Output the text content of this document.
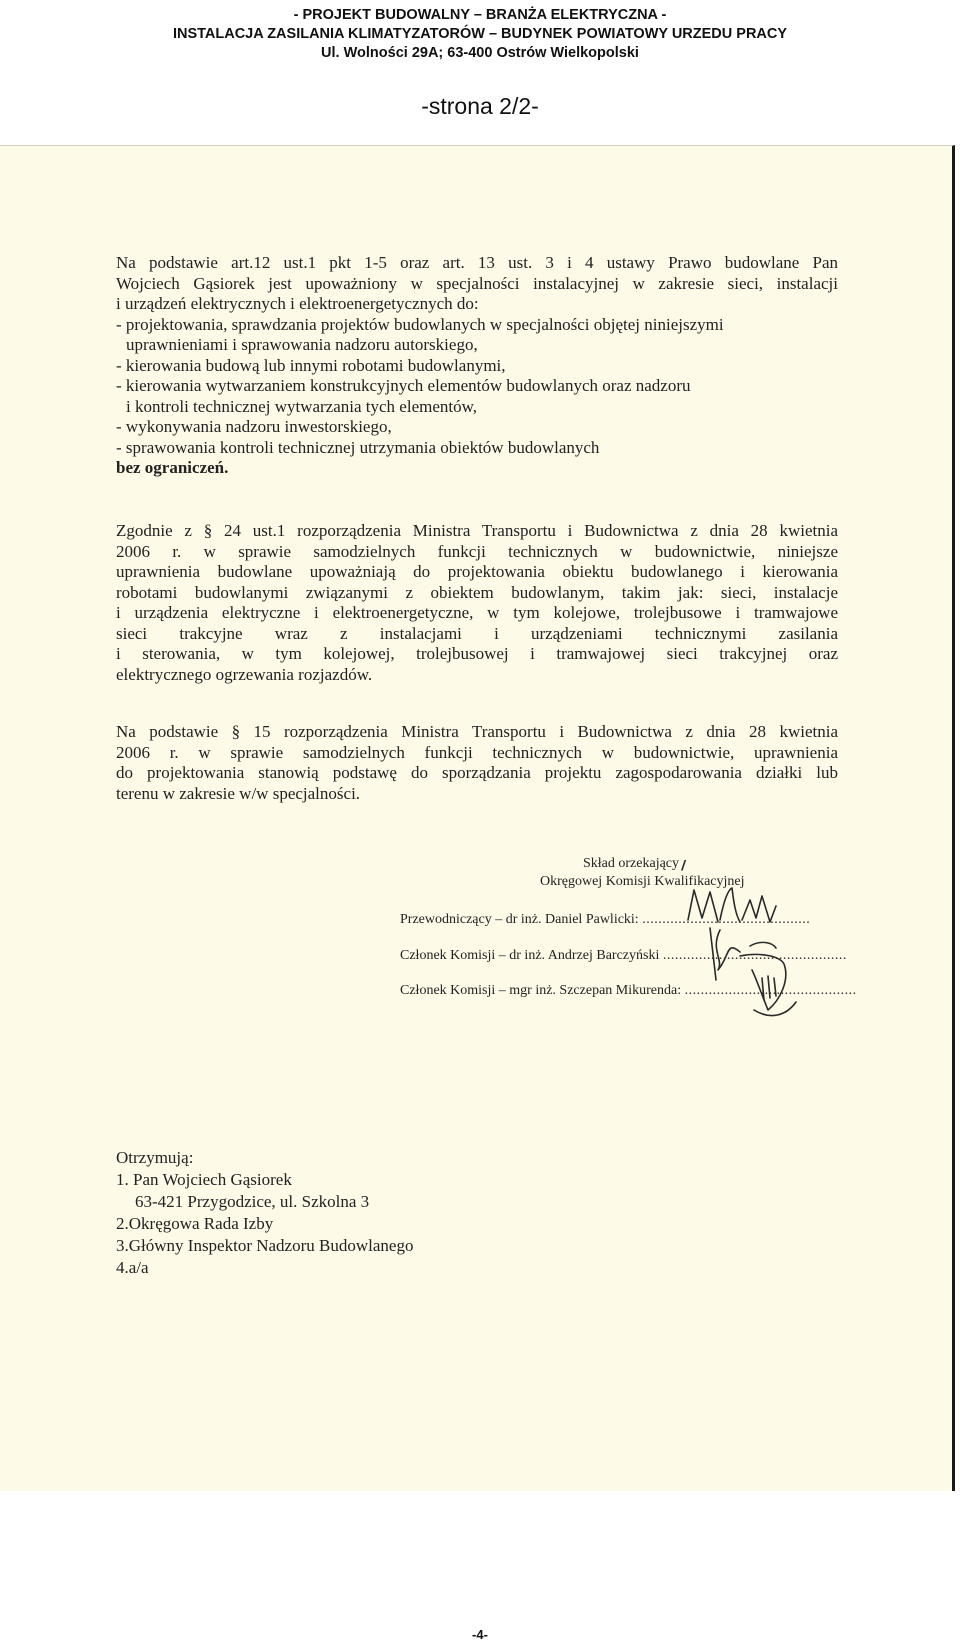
- PROJEKT BUDOWALNY – BRANŻA ELEKTRYCZNA -
INSTALACJA ZASILANIA KLIMATYZATORÓW – BUDYNEK POWIATOWY URZEDU PRACY
Ul. Wolności 29A; 63-400 Ostrów Wielkopolski
-strona 2/2-
Na podstawie art.12 ust.1 pkt 1-5 oraz art. 13 ust. 3 i 4 ustawy Prawo budowlane Pan
Wojciech Gąsiorek jest upoważniony w specjalności instalacyjnej w zakresie sieci, instalacji
i urządzeń elektrycznych i elektroenergetycznych do:
- projektowania, sprawdzania projektów budowlanych w specjalności objętej niniejszymi
uprawnieniami i sprawowania nadzoru autorskiego,
- kierowania budową lub innymi robotami budowlanymi,
- kierowania wytwarzaniem konstrukcyjnych elementów budowlanych oraz nadzoru
i kontroli technicznej wytwarzania tych elementów,
- wykonywania nadzoru inwestorskiego,
- sprawowania kontroli technicznej utrzymania obiektów budowlanych
bez ograniczeń.
Zgodnie z § 24 ust.1 rozporządzenia Ministra Transportu i Budownictwa z dnia 28 kwietnia
2006 r. w sprawie samodzielnych funkcji technicznych w budownictwie, niniejsze
uprawnienia budowlane upoważniają do projektowania obiektu budowlanego i kierowania
robotami budowlanymi związanymi z obiektem budowlanym, takim jak: sieci, instalacje
i urządzenia elektryczne i elektroenergetyczne, w tym kolejowe, trolejbusowe i tramwajowe
sieci trakcyjne wraz z instalacjami i urządzeniami technicznymi zasilania
i sterowania, w tym kolejowej, trolejbusowej i tramwajowej sieci trakcyjnej oraz
elektrycznego ogrzewania rozjazdów.
Na podstawie § 15 rozporządzenia Ministra Transportu i Budownictwa z dnia 28 kwietnia
2006 r. w sprawie samodzielnych funkcji technicznych w budownictwie, uprawnienia
do projektowania stanowią podstawę do sporządzania projektu zagospodarowania działki lub
terenu w zakresie w/w specjalności.
Skład orzekający
Okręgowej Komisji Kwalifikacyjnej
Przewodniczący – dr inż. Daniel Pawlicki: ..........................................
Członek Komisji – dr inż. Andrzej Barczyński ..............................................
Członek Komisji – mgr inż. Szczepan Mikurenda: ...........................................
Otrzymują:
1. Pan Wojciech Gąsiorek
63-421 Przygodzice, ul. Szkolna 3
2.Okręgowa Rada Izby
3.Główny Inspektor Nadzoru Budowlanego
4.a/a
-4-
